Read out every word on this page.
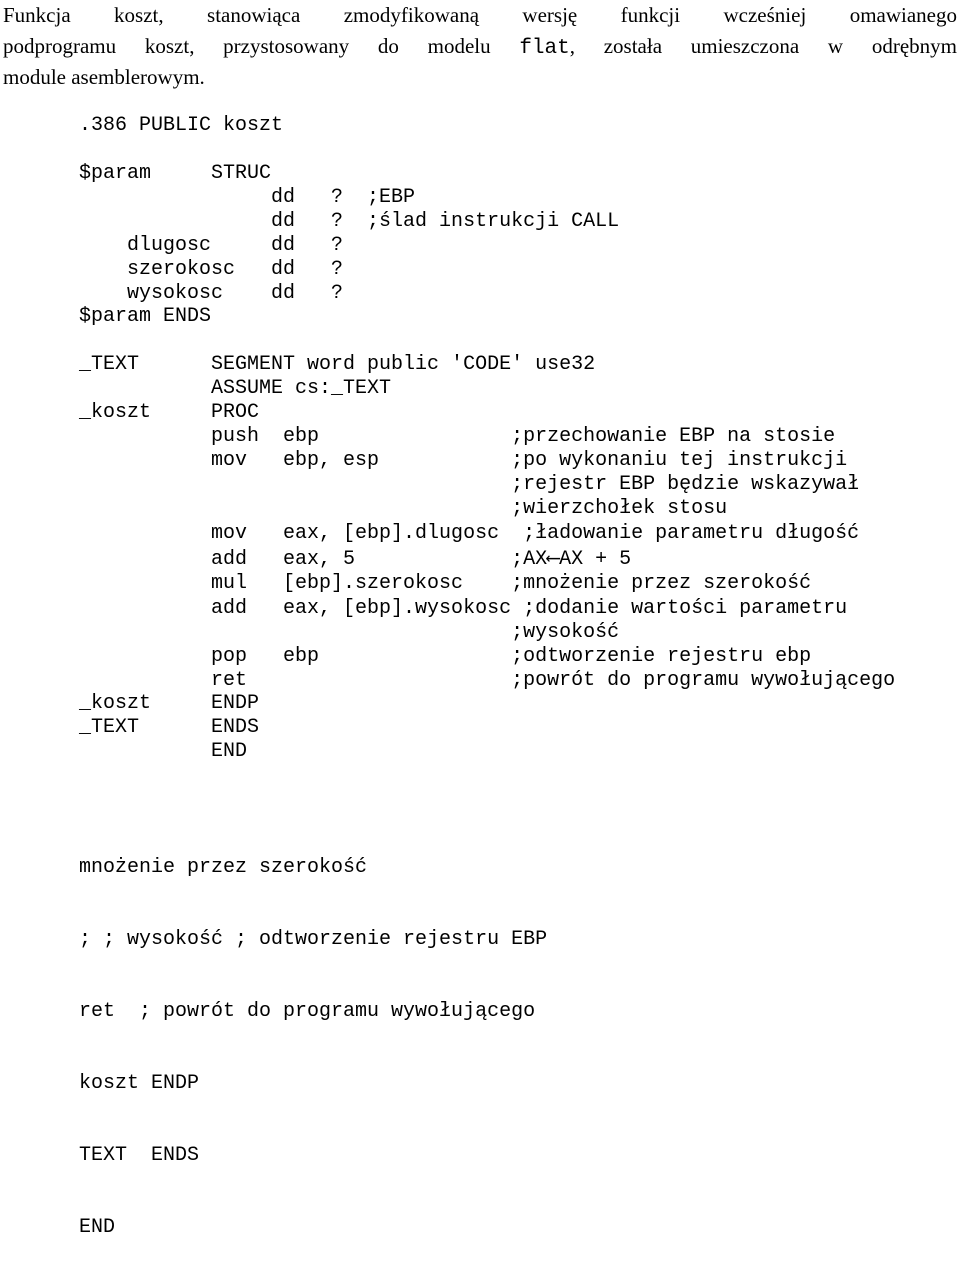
Funkcja koszt, stanowiąca zmodyfikowaną wersję funkcji wcześniej omawianego
podprogramu koszt, przystosowany do modelu flat, została umieszczona w odrębnym
module asemblerowym.

.386 PUBLIC koszt

$param     STRUC

dd   ?  ;EBP

dd   ?  ;ślad instrukcji CALL

dlugosc     dd   ?

szerokosc   dd   ?

wysokosc    dd   ?

$param ENDS

_TEXT      SEGMENT word public 'CODE' use32

ASSUME cs:_TEXT

_koszt     PROC

push  ebp                ;przechowanie EBP na stosie

mov   ebp, esp           ;po wykonaniu tej instrukcji

;rejestr EBP będzie wskazywał

;wierzchołek stosu

mov   eax, [ebp].dlugosc  ;ładowanie parametru długość

add   eax, 5             ;AX⟵AX + 5

mul   [ebp].szerokosc    ;mnożenie przez szerokość

add   eax, [ebp].wysokosc ;dodanie wartości parametru

;wysokość

pop   ebp                ;odtworzenie rejestru ebp

ret                      ;powrót do programu wywołującego

_koszt     ENDP

_TEXT      ENDS

END

mnożenie przez szerokość

; ; wysokość ; odtworzenie rejestru EBP

ret  ; powrót do programu wywołującego

koszt ENDP

TEXT  ENDS

END
